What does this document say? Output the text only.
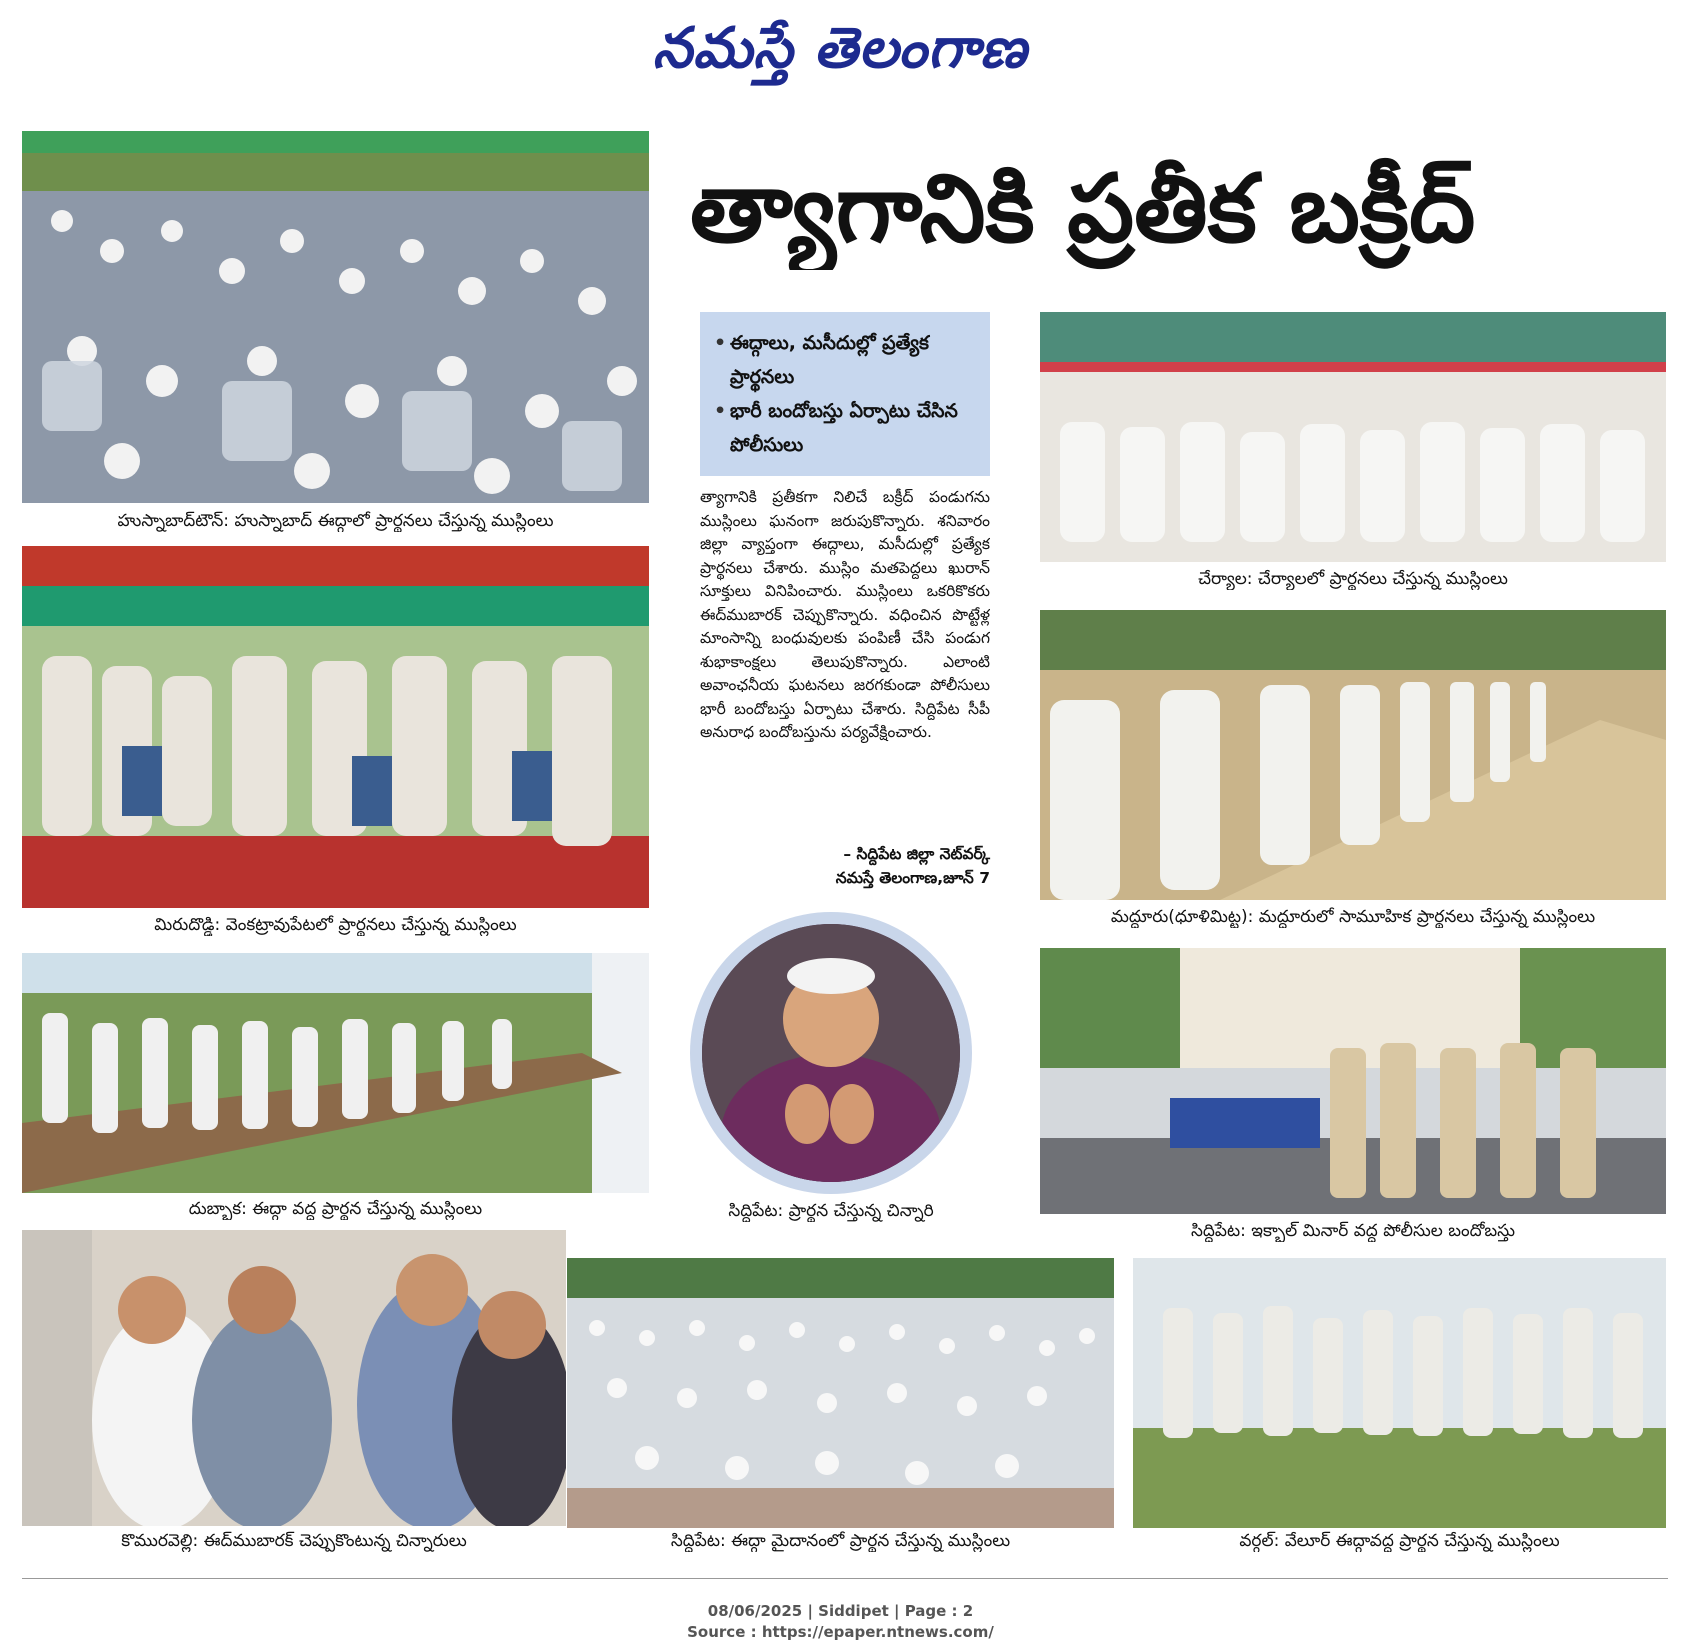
నమస్తే తెలంగాణ
త్యాగానికి ప్రతీక బక్రీద్
హుస్నాబాద్‌టౌన్: హుస్నాబాద్ ఈద్గాలో ప్రార్థనలు చేస్తున్న ముస్లింలు
మిరుదొడ్డి: వెంకట్రావుపేటలో ప్రార్థనలు చేస్తున్న ముస్లింలు
దుబ్బాక: ఈద్గా వద్ద ప్రార్థన చేస్తున్న ముస్లింలు
కొమురవెల్లి: ఈద్‌ముబారక్ చెప్పుకొంటున్న చిన్నారులు	సిద్దిపేట: ఈద్గా మైదానంలో ప్రార్థన చేస్తున్న ముస్లింలు	వర్గల్: వేలూర్ ఈద్గావద్ద ప్రార్థన చేస్తున్న ముస్లింలు
• ఈద్గాలు, మసీదుల్లో ప్రత్యేక ప్రార్థనలు
• భారీ బందోబస్తు ఏర్పాటు చేసిన పోలీసులు
త్యాగానికి ప్రతీకగా నిలిచే బక్రీద్ పండుగను ముస్లింలు ఘనంగా జరుపుకొన్నారు. శనివారం జిల్లా వ్యాప్తంగా ఈద్గాలు, మసీదుల్లో ప్రత్యేక ప్రార్థనలు చేశారు. ముస్లిం మతపెద్దలు ఖురాన్ సూక్తులు వినిపించారు. ముస్లింలు ఒకరికొకరు ఈద్‌ముబారక్ చెప్పుకొన్నారు. వధించిన పొట్టేళ్ల మాంసాన్ని బంధువులకు పంపిణీ చేసి పండుగ శుభాకాంక్షలు తెలుపుకొన్నారు. ఎలాంటి అవాంఛనీయ ఘటనలు జరగకుండా పోలీసులు భారీ బందోబస్తు ఏర్పాటు చేశారు. సిద్దిపేట సీపీ అనురాధ బందోబస్తును పర్యవేక్షించారు.
– సిద్దిపేట జిల్లా నెట్‌వర్క్
నమస్తే తెలంగాణ,జూన్ 7
సిద్దిపేట: ప్రార్థన చేస్తున్న చిన్నారి
చేర్యాల: చేర్యాలలో ప్రార్థనలు చేస్తున్న ముస్లింలు
మద్దూరు(ధూళిమిట్ట): మద్దూరులో సామూహిక ప్రార్థనలు చేస్తున్న ముస్లింలు
సిద్దిపేట: ఇక్బాల్ మినార్ వద్ద పోలీసుల బందోబస్తు
08/06/2025 | Siddipet | Page : 2
Source : https://epaper.ntnews.com/
